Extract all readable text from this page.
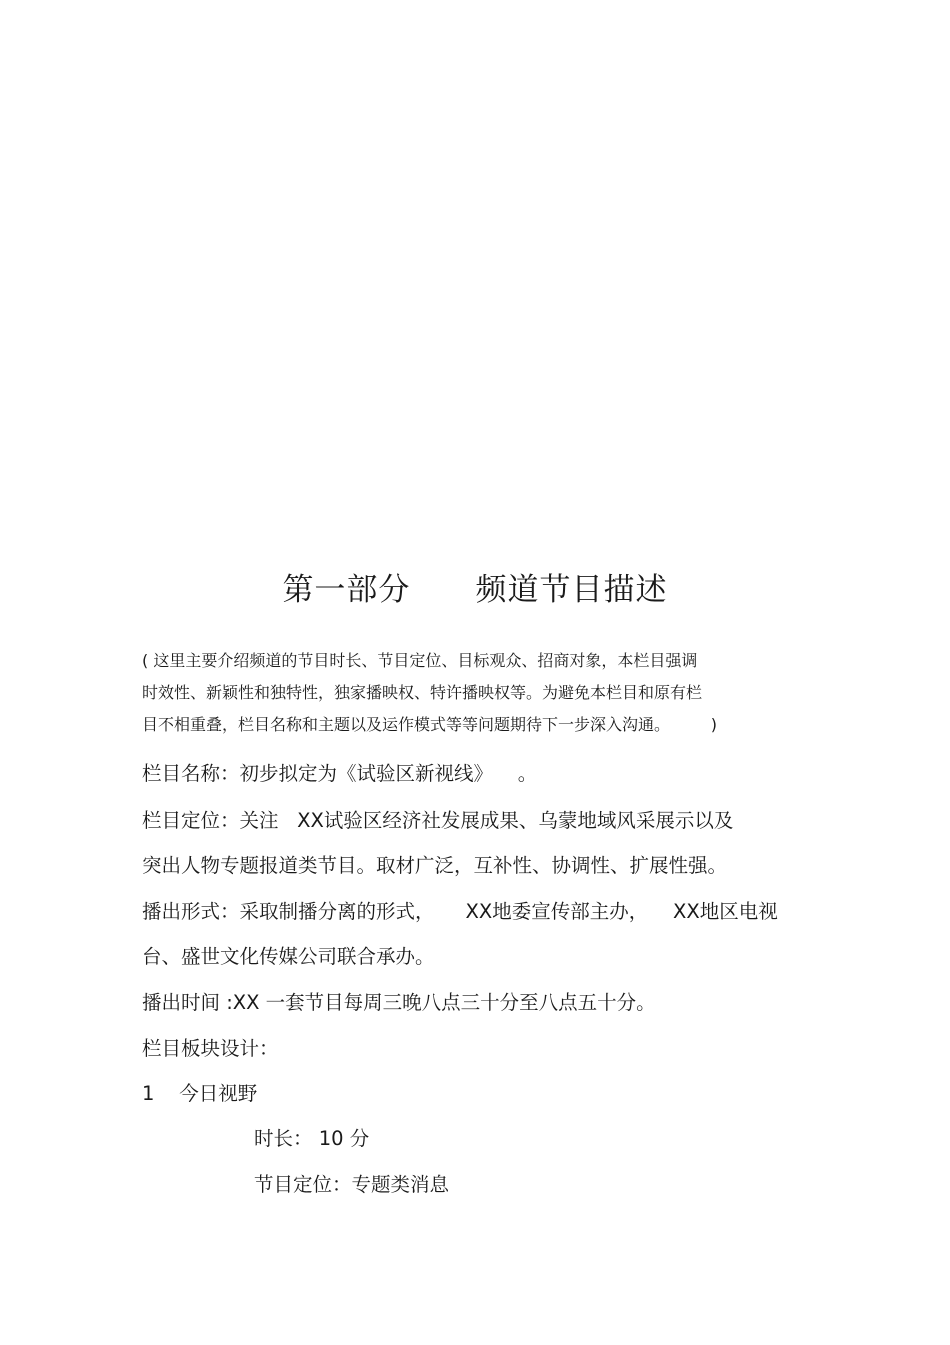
第一部分      频道节目描述
( 这里主要介绍频道的节目时长、节目定位、目标观众、招商对象，本栏目强调
时效性、新颖性和独特性，独家播映权、特许播映权等。为避免本栏目和原有栏
目不相重叠，栏目名称和主题以及运作模式等等问题期待下一步深入沟通。        )
栏目名称：初步拟定为《试验区新视线》    。
栏目定位：关注   XX试验区经济社发展成果、乌蒙地域风采展示以及
突出人物专题报道类节目。取材广泛，互补性、协调性、扩展性强。
播出形式：采取制播分离的形式，     XX地委宣传部主办，    XX地区电视
台、盛世文化传媒公司联合承办。
播出时间 :XX 一套节目每周三晚八点三十分至八点五十分。
栏目板块设计：
1    今日视野
时长： 10 分
节目定位：专题类消息
